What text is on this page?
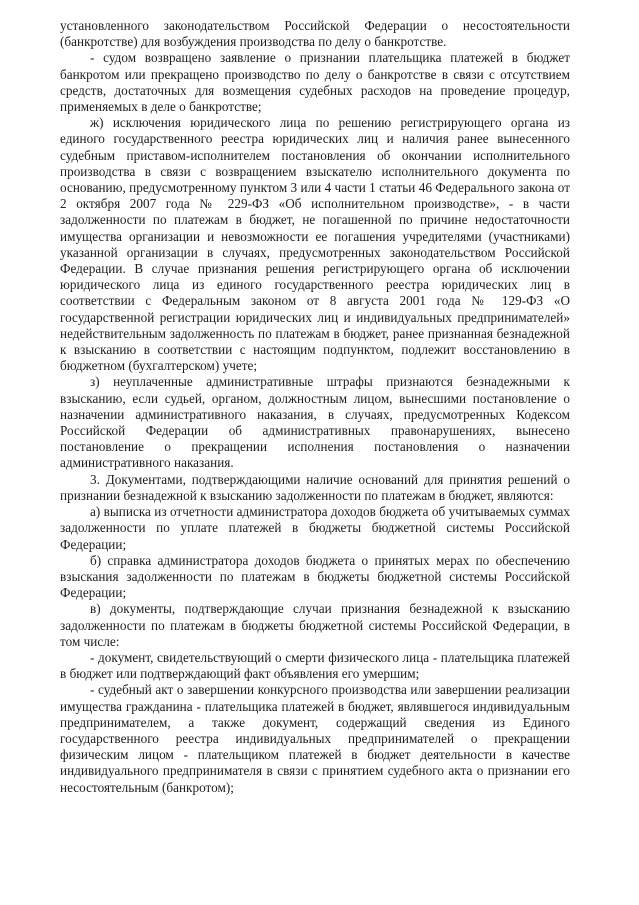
установленного законодательством Российской Федерации о несостоятельности (банкротстве) для возбуждения производства по делу о банкротстве.

- судом возвращено заявление о признании плательщика платежей в бюджет банкротом или прекращено производство по делу о банкротстве в связи с отсутствием средств, достаточных для возмещения судебных расходов на проведение процедур, применяемых в деле о банкротстве;

ж) исключения юридического лица по решению регистрирующего органа из единого государственного реестра юридических лиц и наличия ранее вынесенного судебным приставом-исполнителем постановления об окончании исполнительного производства в связи с возвращением взыскателю исполнительного документа по основанию, предусмотренному пунктом 3 или 4 части 1 статьи 46 Федерального закона от 2 октября 2007 года № 229-ФЗ «Об исполнительном производстве», - в части задолженности по платежам в бюджет, не погашенной по причине недостаточности имущества организации и невозможности ее погашения учредителями (участниками) указанной организации в случаях, предусмотренных законодательством Российской Федерации. В случае признания решения регистрирующего органа об исключении юридического лица из единого государственного реестра юридических лиц в соответствии с Федеральным законом от 8 августа 2001 года № 129-ФЗ «О государственной регистрации юридических лиц и индивидуальных предпринимателей» недействительным задолженность по платежам в бюджет, ранее признанная безнадежной к взысканию в соответствии с настоящим подпунктом, подлежит восстановлению в бюджетном (бухгалтерском) учете;

з) неуплаченные административные штрафы признаются безнадежными к взысканию, если судьей, органом, должностным лицом, вынесшими постановление о назначении административного наказания, в случаях, предусмотренных Кодексом Российской Федерации об административных правонарушениях, вынесено постановление о прекращении исполнения постановления о назначении административного наказания.

3. Документами, подтверждающими наличие оснований для принятия решений о признании безнадежной к взысканию задолженности по платежам в бюджет, являются:

а) выписка из отчетности администратора доходов бюджета об учитываемых суммах задолженности по уплате платежей в бюджеты бюджетной системы Российской Федерации;

б) справка администратора доходов бюджета о принятых мерах по обеспечению взыскания задолженности по платежам в бюджеты бюджетной системы Российской Федерации;

в) документы, подтверждающие случаи признания безнадежной к взысканию задолженности по платежам в бюджеты бюджетной системы Российской Федерации, в том числе:

- документ, свидетельствующий о смерти физического лица - плательщика платежей в бюджет или подтверждающий факт объявления его умершим;

- судебный акт о завершении конкурсного производства или завершении реализации имущества гражданина - плательщика платежей в бюджет, являвшегося индивидуальным предпринимателем, а также документ, содержащий сведения из Единого государственного реестра индивидуальных предпринимателей о прекращении физическим лицом - плательщиком платежей в бюджет деятельности в качестве индивидуального предпринимателя в связи с принятием судебного акта о признании его несостоятельным (банкротом);
